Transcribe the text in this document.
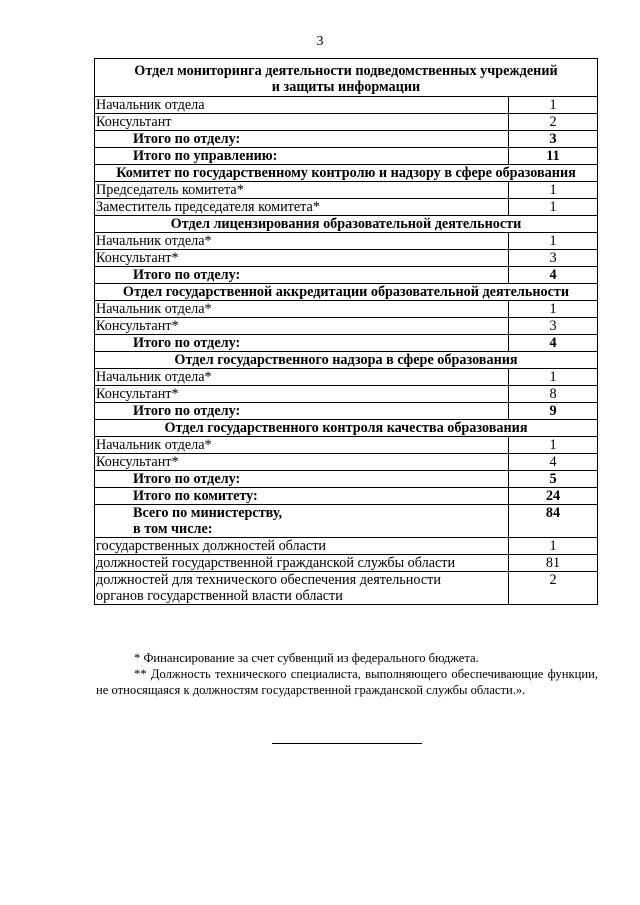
3
Отдел мониторинга деятельности подведомственных учреждений
и защиты информации	
Начальник отдела	1
Консультант	2
Итого по отделу:	3
Итого по управлению:	11
Комитет по государственному контролю и надзору в сфере образования	
Председатель комитета*	1
Заместитель председателя комитета*	1
Отдел лицензирования образовательной деятельности	
Начальник отдела*	1
Консультант*	3
Итого по отделу:	4
Отдел государственной аккредитации образовательной деятельности	
Начальник отдела*	1
Консультант*	3
Итого по отделу:	4
Отдел государственного надзора в сфере образования	
Начальник отдела*	1
Консультант*	8
Итого по отделу:	9
Отдел государственного контроля качества образования	
Начальник отдела*	1
Консультант*	4
Итого по отделу:	5
Итого по комитету:	24
Всего по министерству,
в том числе:	84
государственных должностей области	1
должностей государственной гражданской службы области	81
должностей для технического обеспечения деятельности
органов государственной власти области	2

* Финансирование за счет субвенций из федерального бюджета.

** Должность технического специалиста, выполняющего обеспечивающие функции, не относящаяся к должностям государственной гражданской службы области.».
